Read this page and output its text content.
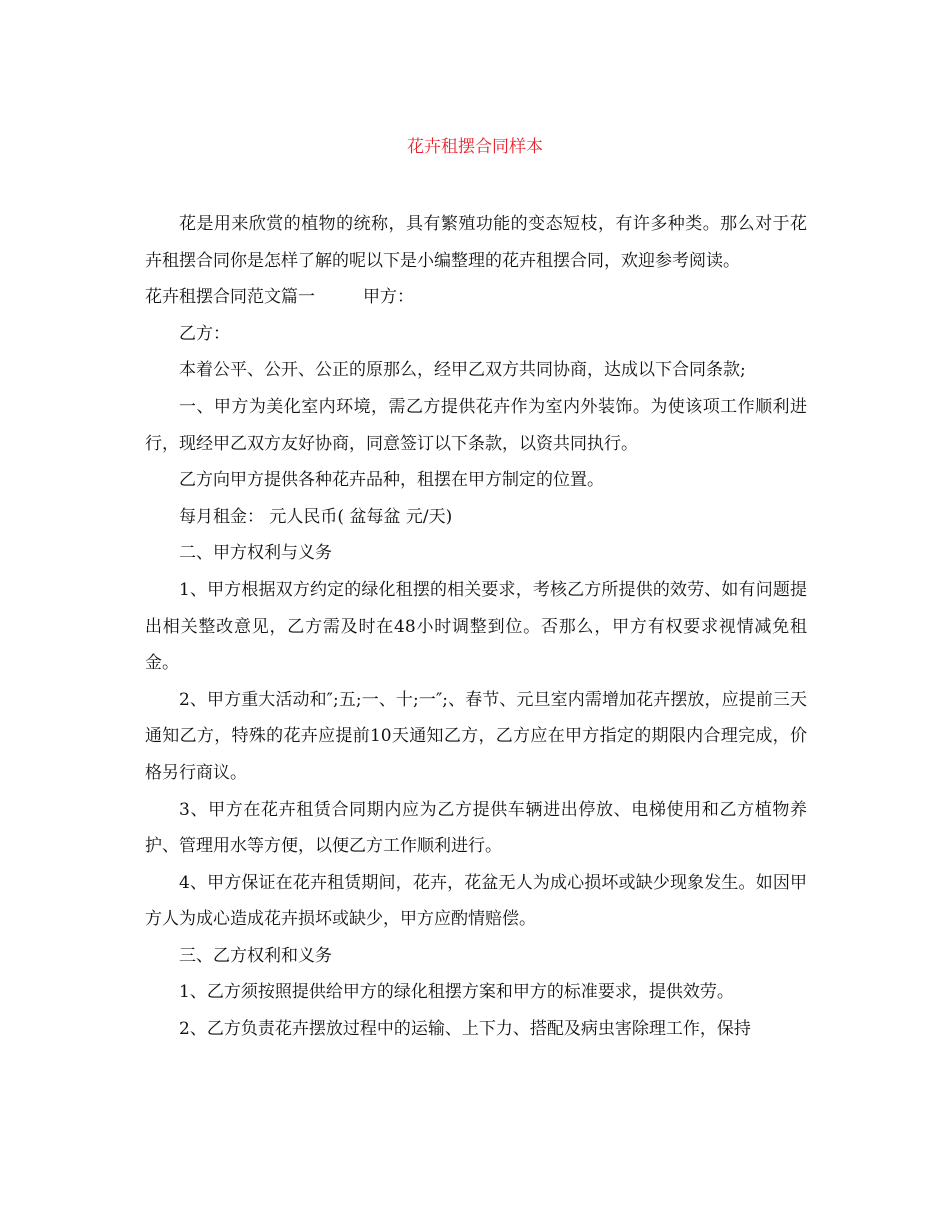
花卉租摆合同样本

花是用来欣赏的植物的统称，具有繁殖功能的变态短枝，有许多种类。那么对于花卉租摆合同你是怎样了解的呢以下是小编整理的花卉租摆合同，欢迎参考阅读。

花卉租摆合同范文篇一	甲方：

乙方：

本着公平、公开、公正的原那么，经甲乙双方共同协商，达成以下合同条款;

一、甲方为美化室内环境，需乙方提供花卉作为室内外装饰。为使该项工作顺利进行，现经甲乙双方友好协商，同意签订以下条款，以资共同执行。

乙方向甲方提供各种花卉品种，租摆在甲方制定的位置。

每月租金： 元人民币( 盆每盆 元/天)

二、甲方权利与义务

1、甲方根据双方约定的绿化租摆的相关要求，考核乙方所提供的效劳、如有问题提出相关整改意见，乙方需及时在48小时调整到位。否那么，甲方有权要求视情减免租金。

2、甲方重大活动和″;五;一、十;一″;、春节、元旦室内需增加花卉摆放，应提前三天通知乙方，特殊的花卉应提前10天通知乙方，乙方应在甲方指定的期限内合理完成，价格另行商议。

3、甲方在花卉租赁合同期内应为乙方提供车辆进出停放、电梯使用和乙方植物养护、管理用水等方便，以便乙方工作顺利进行。

4、甲方保证在花卉租赁期间，花卉，花盆无人为成心损坏或缺少现象发生。如因甲方人为成心造成花卉损坏或缺少，甲方应酌情赔偿。

三、乙方权利和义务

1、乙方须按照提供给甲方的绿化租摆方案和甲方的标准要求，提供效劳。

2、乙方负责花卉摆放过程中的运输、上下力、搭配及病虫害除理工作，保持
